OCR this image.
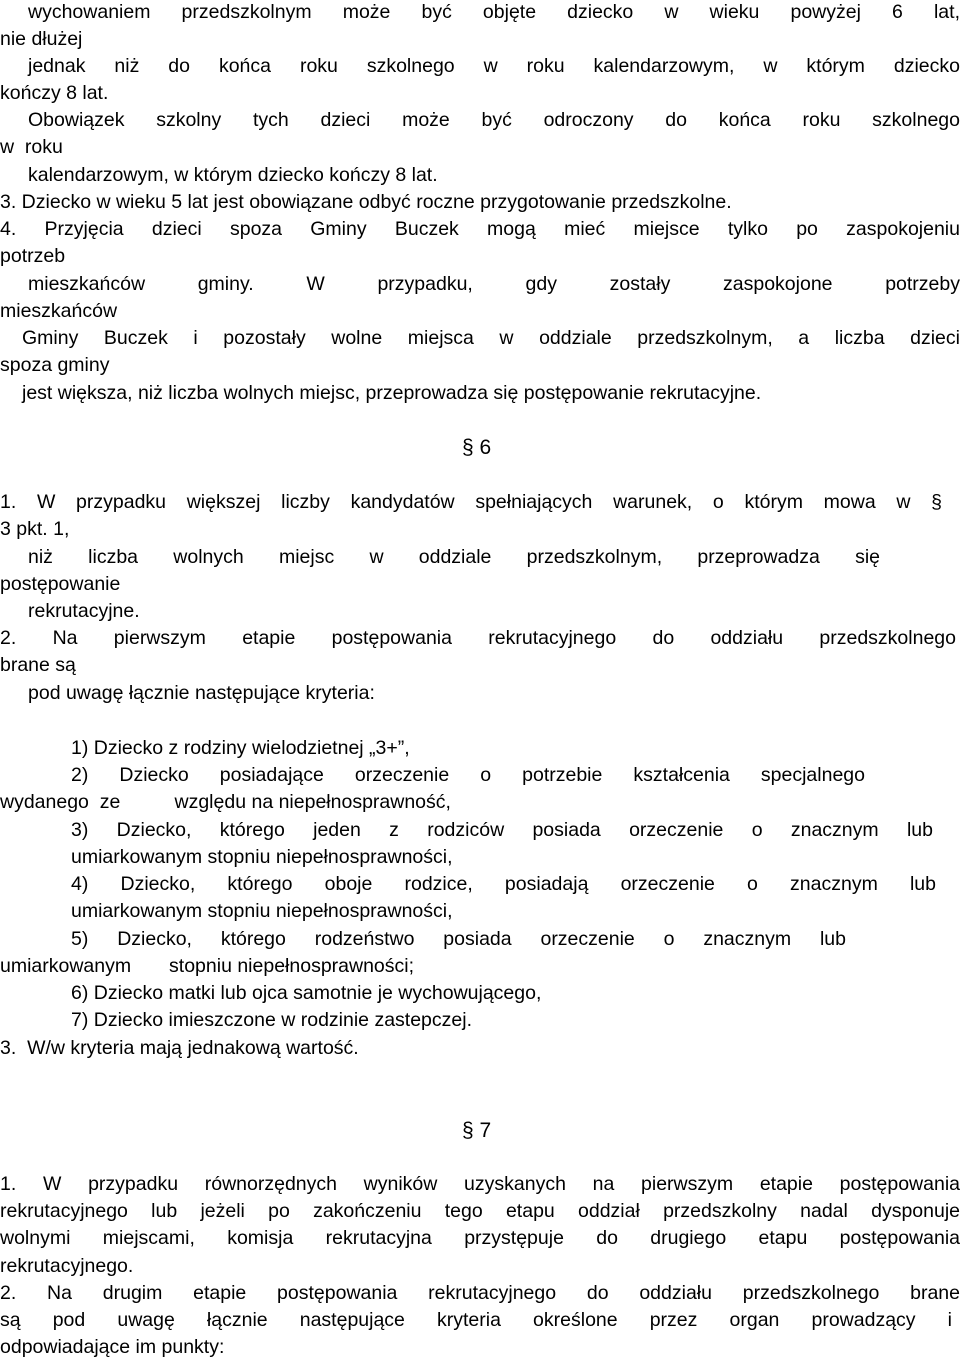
wychowaniem przedszkolnym może być objęte dziecko w wieku powyżej 6 lat,
nie dłużej
jednak niż do końca roku szkolnego w roku kalendarzowym, w którym dziecko
kończy 8 lat.
Obowiązek szkolny tych dzieci może być odroczony do końca roku szkolnego
w  roku
kalendarzowym, w którym dziecko kończy 8 lat.
3. Dziecko w wieku 5 lat jest obowiązane odbyć roczne przygotowanie przedszkolne.
4. Przyjęcia dzieci spoza Gminy Buczek mogą mieć miejsce tylko po zaspokojeniu
potrzeb
mieszkańców gminy. W przypadku, gdy zostały zaspokojone potrzeby
mieszkańców
Gminy Buczek i pozostały wolne miejsca w oddziale przedszkolnym, a liczba dzieci
spoza gminy
jest większa, niż liczba wolnych miejsc, przeprowadza się postępowanie rekrutacyjne.
§ 6
1. W przypadku większej liczby kandydatów spełniających warunek, o którym mowa w §
3 pkt. 1,
niż liczba wolnych miejsc w oddziale przedszkolnym, przeprowadza się
postępowanie
rekrutacyjne.
2. Na pierwszym etapie postępowania rekrutacyjnego do oddziału przedszkolnego
brane są
pod uwagę łącznie następujące kryteria:
1) Dziecko z rodziny wielodzietnej „3+”,
2) Dziecko posiadające orzeczenie o potrzebie kształcenia specjalnego
wydanego  ze          względu na niepełnosprawność,
3) Dziecko, którego jeden z rodziców posiada orzeczenie o znacznym lub
umiarkowanym stopniu niepełnosprawności,
4) Dziecko, którego oboje rodzice, posiadają orzeczenie o znacznym lub
umiarkowanym stopniu niepełnosprawności,
5) Dziecko, którego rodzeństwo posiada orzeczenie o znacznym lub
umiarkowanym       stopniu niepełnosprawności;
6) Dziecko matki lub ojca samotnie je wychowującego,
7) Dziecko imieszczone w rodzinie zastepczej.
3.  W/w kryteria mają jednakową wartość.
§ 7
1. W przypadku równorzędnych wyników uzyskanych na pierwszym etapie postępowania
rekrutacyjnego lub jeżeli po zakończeniu tego etapu oddział przedszkolny nadal dysponuje
wolnymi miejscami, komisja rekrutacyjna przystępuje do drugiego etapu postępowania
rekrutacyjnego.
2. Na drugim etapie postępowania rekrutacyjnego do oddziału przedszkolnego brane
są pod uwagę łącznie następujące kryteria określone przez organ prowadzący i
odpowiadające im punkty:
